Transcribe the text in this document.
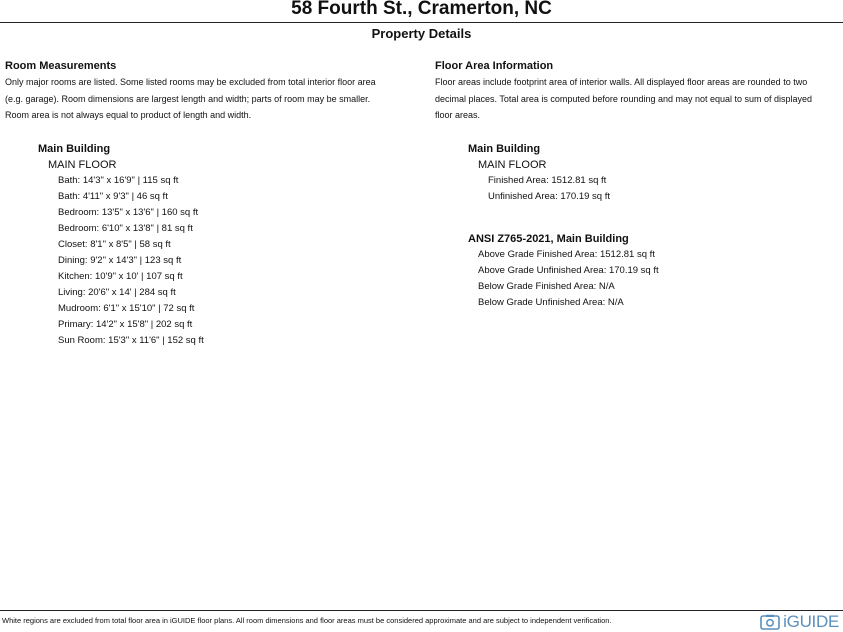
58 Fourth St., Cramerton, NC
Property Details
Room Measurements
Only major rooms are listed. Some listed rooms may be excluded from total interior floor area
(e.g. garage). Room dimensions are largest length and width; parts of room may be smaller.
Room area is not always equal to product of length and width.
Main Building
MAIN FLOOR
Bath: 14'3" x 16'9" | 115 sq ft
Bath: 4'11" x 9'3" | 46 sq ft
Bedroom: 13'5" x 13'6" | 160 sq ft
Bedroom: 6'10" x 13'8" | 81 sq ft
Closet: 8'1" x 8'5" | 58 sq ft
Dining: 9'2" x 14'3" | 123 sq ft
Kitchen: 10'9" x 10' | 107 sq ft
Living: 20'6" x 14' | 284 sq ft
Mudroom: 6'1" x 15'10" | 72 sq ft
Primary: 14'2" x 15'8" | 202 sq ft
Sun Room: 15'3" x 11'6" | 152 sq ft
Floor Area Information
Floor areas include footprint area of interior walls. All displayed floor areas are rounded to two
decimal places. Total area is computed before rounding and may not equal to sum of displayed
floor areas.
Main Building
MAIN FLOOR
Finished Area: 1512.81 sq ft
Unfinished Area: 170.19 sq ft
ANSI Z765-2021, Main Building
Above Grade Finished Area: 1512.81 sq ft
Above Grade Unfinished Area: 170.19 sq ft
Below Grade Finished Area: N/A
Below Grade Unfinished Area: N/A
White regions are excluded from total floor area in iGUIDE floor plans. All room dimensions and floor areas must be considered approximate and are subject to independent verification.	iGUIDE
